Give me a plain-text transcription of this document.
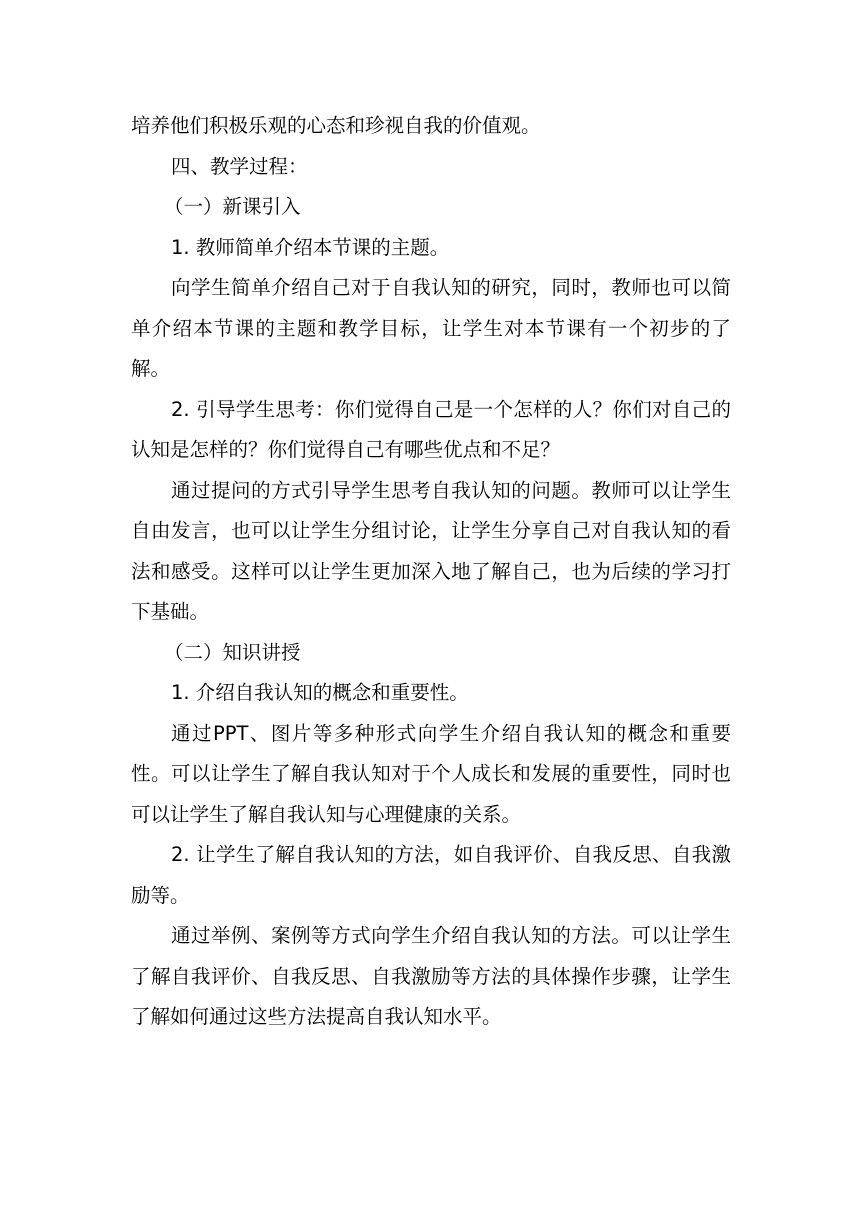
培养他们积极乐观的心态和珍视自我的价值观。

四、教学过程：

（一）新课引入

1. 教师简单介绍本节课的主题。

向学生简单介绍自己对于自我认知的研究，同时，教师也可以简单介绍本节课的主题和教学目标，让学生对本节课有一个初步的了解。

2. 引导学生思考：你们觉得自己是一个怎样的人？你们对自己的认知是怎样的？你们觉得自己有哪些优点和不足？

通过提问的方式引导学生思考自我认知的问题。教师可以让学生自由发言，也可以让学生分组讨论，让学生分享自己对自我认知的看法和感受。这样可以让学生更加深入地了解自己，也为后续的学习打下基础。

（二）知识讲授

1. 介绍自我认知的概念和重要性。

通过PPT、图片等多种形式向学生介绍自我认知的概念和重要性。可以让学生了解自我认知对于个人成长和发展的重要性，同时也可以让学生了解自我认知与心理健康的关系。

2. 让学生了解自我认知的方法，如自我评价、自我反思、自我激励等。

通过举例、案例等方式向学生介绍自我认知的方法。可以让学生了解自我评价、自我反思、自我激励等方法的具体操作步骤，让学生了解如何通过这些方法提高自我认知水平。
